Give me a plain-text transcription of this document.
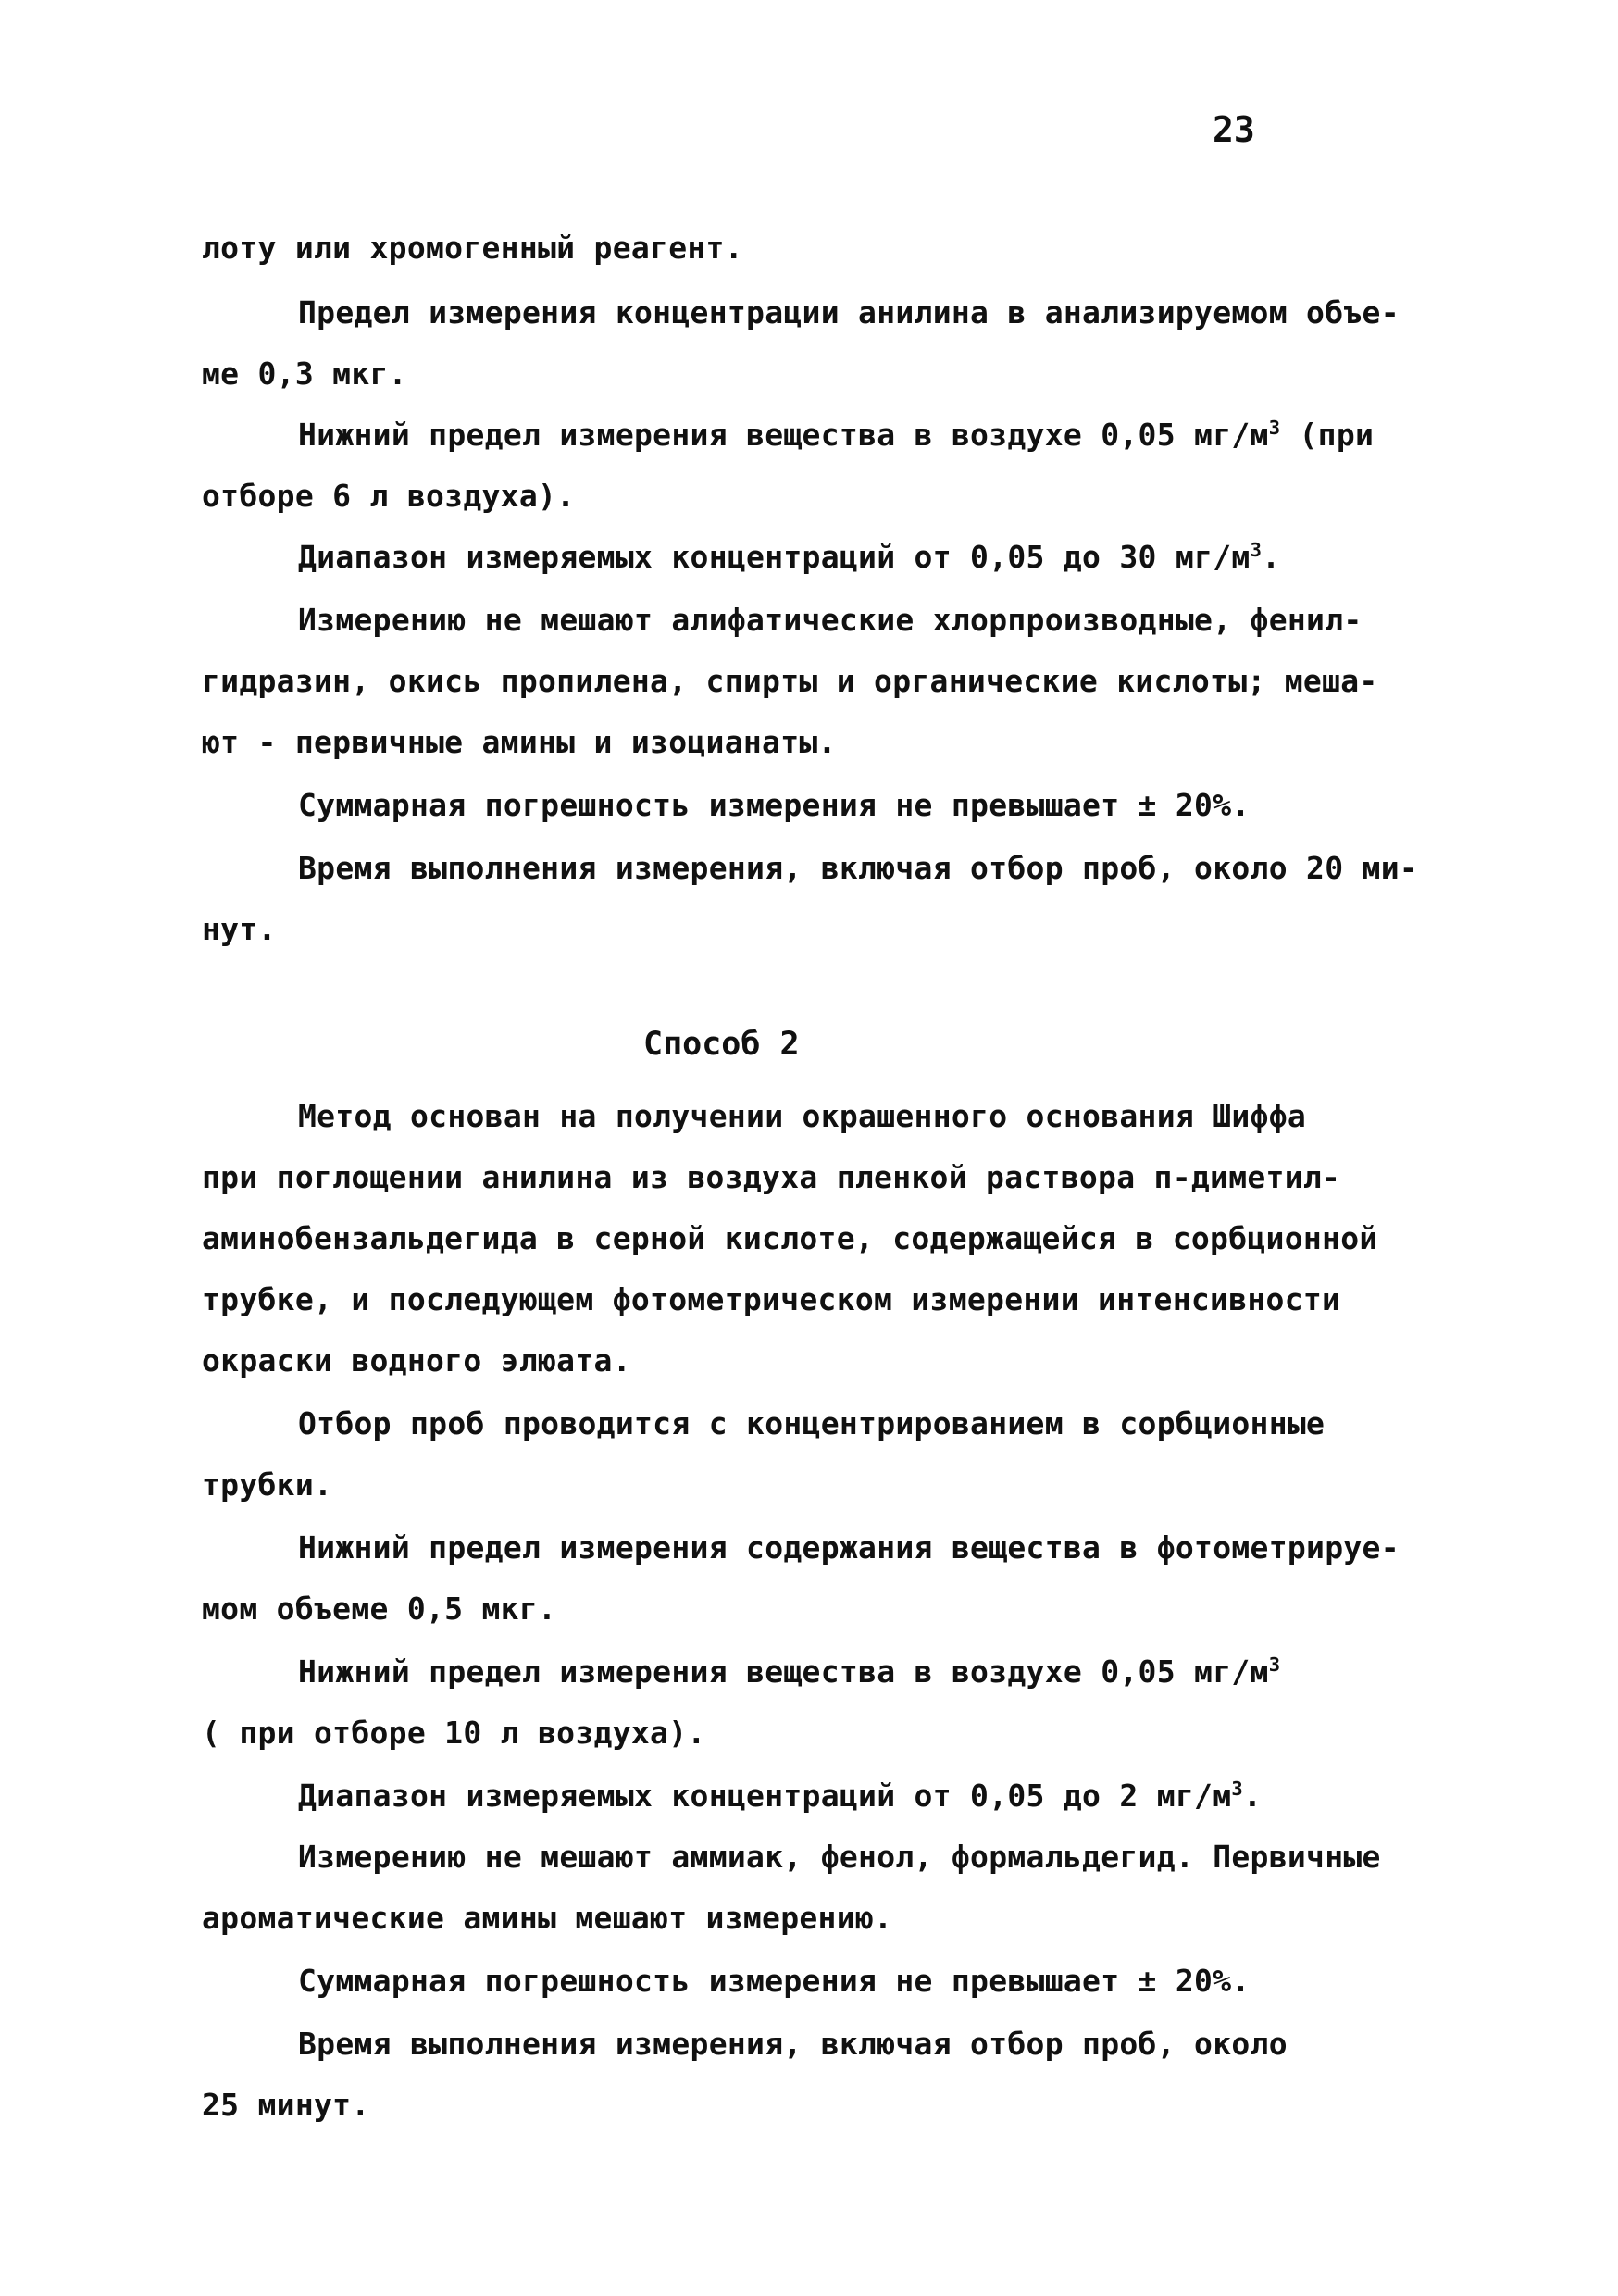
23
лоту или хромогенный реагент.
Предел измерения концентрации анилина в анализируемом объе-
ме 0,3 мкг.
Нижний предел измерения вещества в воздухе 0,05 $мг/м^3$ (при
отборе 6 л воздуха).
Диапазон измеряемых концентраций от 0,05 до 30 $мг/м^3$.
Измерению не мешают алифатические хлорпроизводные, фенил-
гидразин, окись пропилена, спирты и органические кислоты; меша-
ют - первичные амины и изоцианаты.
Суммарная погрешность измерения не превышает ± 20%.
Время выполнения измерения, включая отбор проб, около 20 ми-
нут.
Способ 2
Метод основан на получении окрашенного основания Шиффа
при поглощении анилина из воздуха пленкой раствора п-диметил-
аминобензальдегида в серной кислоте, содержащейся в сорбционной
трубке, и последующем фотометрическом измерении интенсивности
окраски водного элюата.
Отбор проб проводится с концентрированием в сорбционные
трубки.
Нижний предел измерения содержания вещества в фотометрируе-
мом объеме 0,5 мкг.
Нижний предел измерения вещества в воздухе 0,05 $мг/м^3$
( при отборе 10 л воздуха).
Диапазон измеряемых концентраций от 0,05 до 2 $мг/м^3$.
Измерению не мешают аммиак, фенол, формальдегид. Первичные
ароматические амины мешают измерению.
Суммарная погрешность измерения не превышает ± 20%.
Время выполнения измерения, включая отбор проб, около
25 минут.
